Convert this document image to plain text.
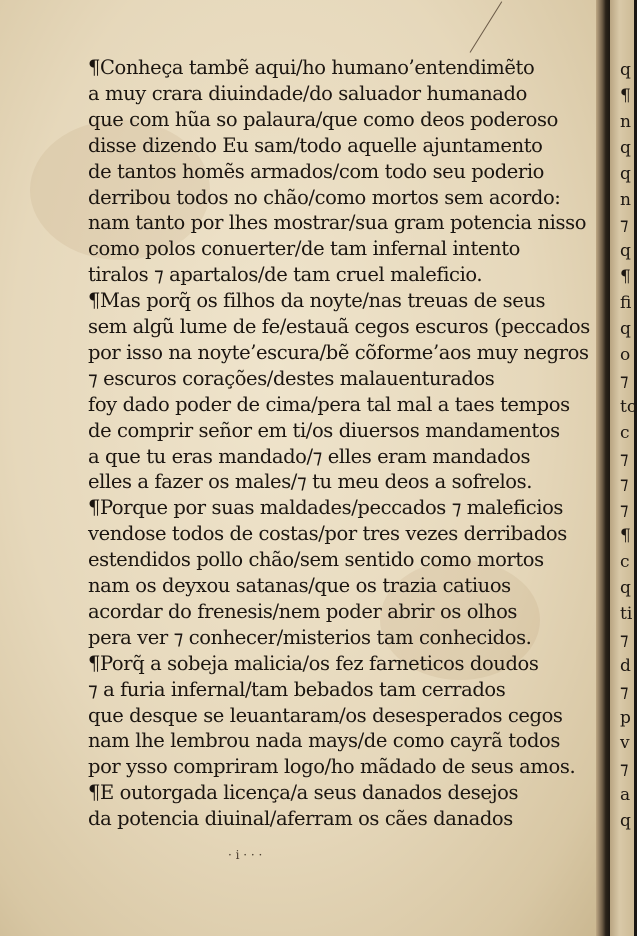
¶Conheça tambẽ aqui/ho humano’entendimẽto
a muy crara diuindade/do saluador humanado
que com hũa so palaura/que como deos poderoso
disse dizendo Eu sam/todo aquelle ajuntamento
de tantos homẽs armados/com todo seu poderio
derribou todos no chão/como mortos sem acordo:
nam tanto por lhes mostrar/sua gram potencia nisso
como polos conuerter/de tam infernal intento
tiralos ⁊ apartalos/de tam cruel maleficio.
¶Mas porq̃ os filhos da noyte/nas treuas de seus
sem algũ lume de fe/estauã cegos escuros (peccados
por isso na noyte’escura/bẽ cõforme’aos muy negros
⁊ escuros corações/destes malauenturados
foy dado poder de cima/pera tal mal a taes tempos
de comprir señor em ti/os diuersos mandamentos
a que tu eras mandado/⁊ elles eram mandados
elles a fazer os males/⁊ tu meu deos a sofrelos.
¶Porque por suas maldades/peccados ⁊ maleficios
vendose todos de costas/por tres vezes derribados
estendidos pollo chão/sem sentido como mortos
nam os deyxou satanas/que os trazia catiuos
acordar do frenesis/nem poder abrir os olhos
pera ver ⁊ conhecer/misterios tam conhecidos.
¶Porq̃ a sobeja malicia/os fez farneticos doudos
⁊ a furia infernal/tam bebados tam cerrados
que desque se leuantaram/os desesperados cegos
nam lhe lembrou nada mays/de como cayrã todos
por ysso compriram logo/ho mãdado de seus amos.
¶E outorgada licença/a seus danados desejos
da potencia diuinal/aferram os cães danados
· i · · ·
q
¶
n
q
q
n
⁊
q
¶
fi
q
o
⁊
to
c
⁊
⁊
⁊
¶
c
q
ti
⁊
d
⁊
p
v
⁊
a
q
